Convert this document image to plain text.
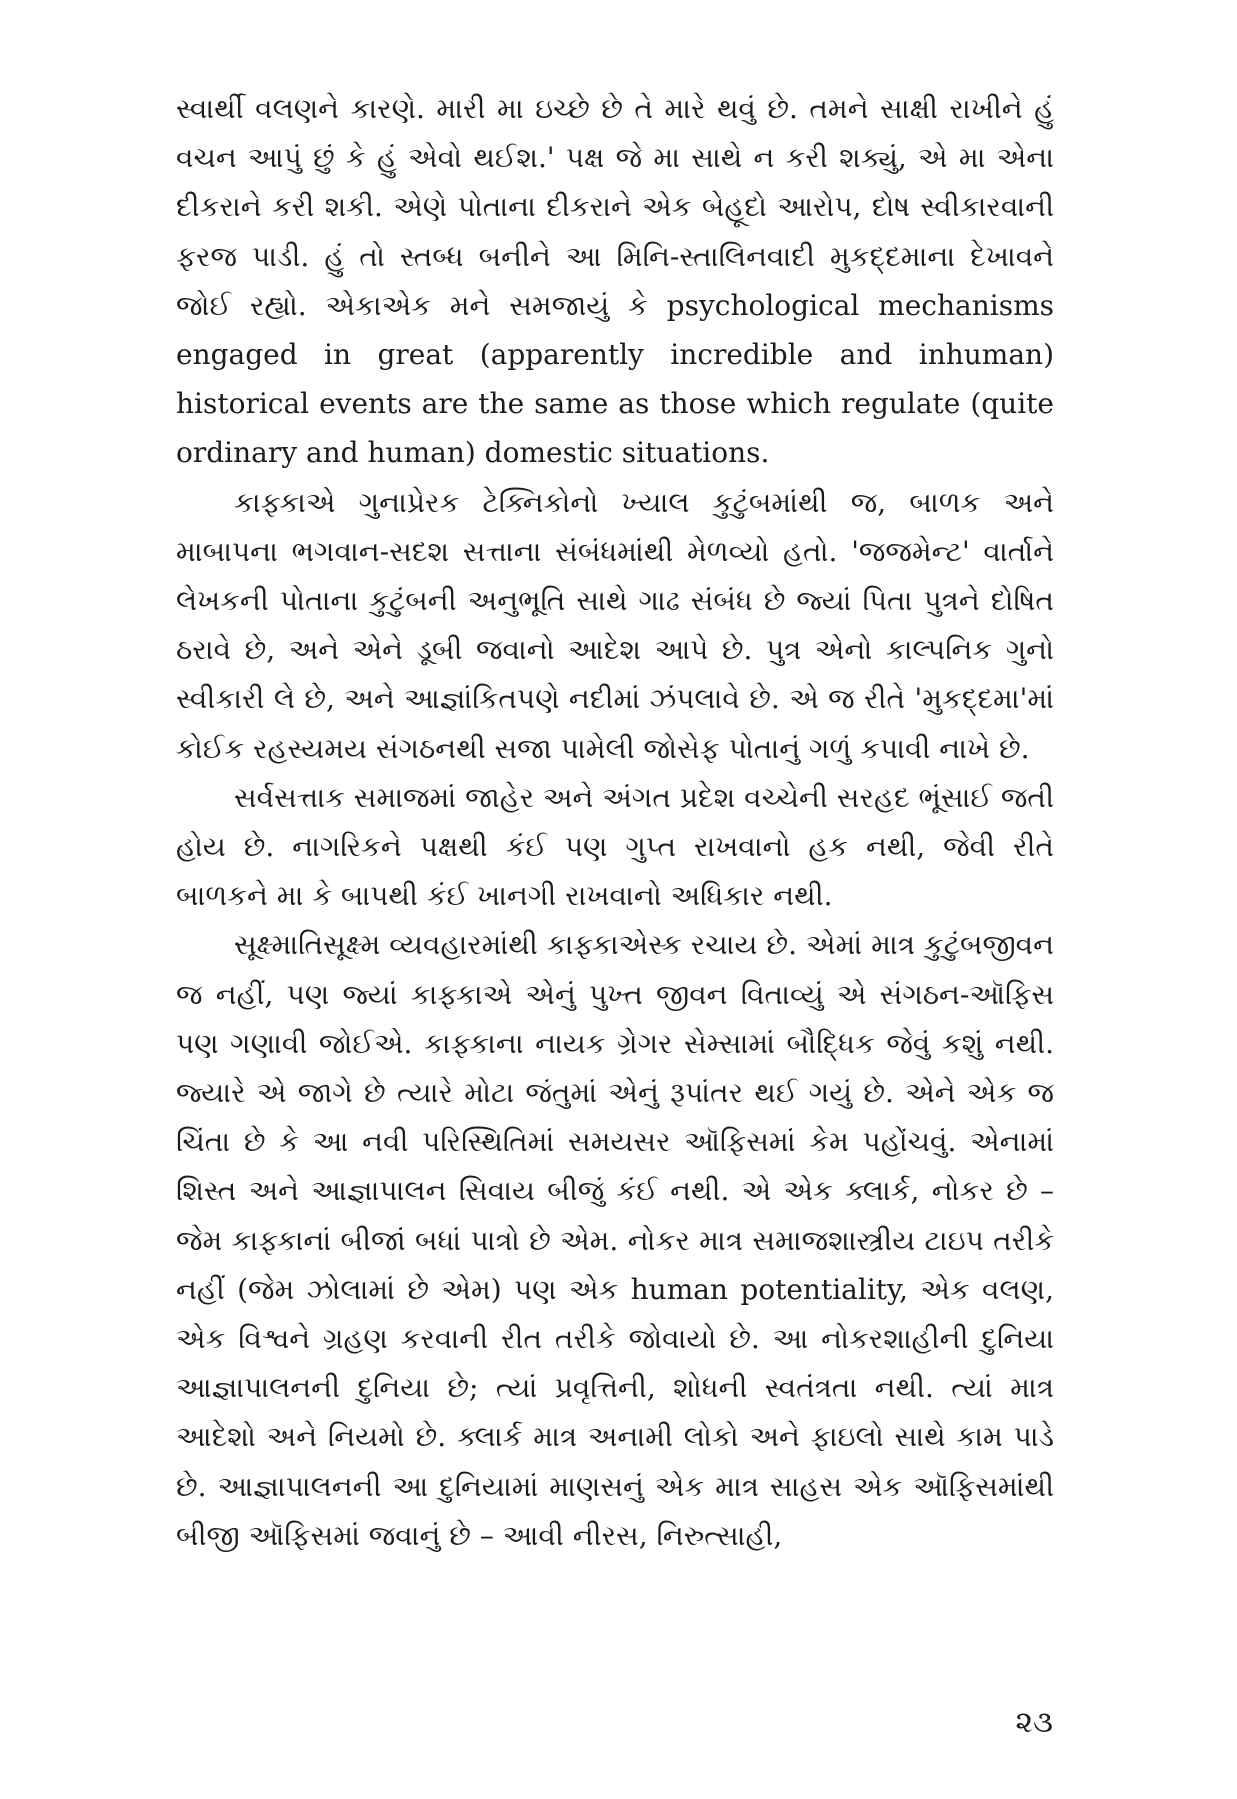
સ્વાર્થી વલણને કારણે. મારી મા ઇચ્છે છે તે મારે થવું છે. તમને સાક્ષી રાખીને હું વચન આપું છું કે હું એવો થઈશ.' પક્ષ જે મા સાથે ન કરી શક્યું, એ મા એના દીકરાને કરી શકી. એણે પોતાના દીકરાને એક બેહૂદો આરોપ, દોષ સ્વીકારવાની ફરજ પાડી. હું તો સ્તબ્ધ બનીને આ મિનિ-સ્તાલિનવાદી મુકદ્દમાના દેખાવને જોઈ રહ્યો. એકાએક મને સમજાયું કે psychological mechanisms engaged in great (apparently incredible and inhuman) historical events are the same as those which regulate (quite ordinary and human) domestic situations.

કાફ્કાએ ગુનાપ્રેરક ટેક્નિકોનો ખ્યાલ કુટુંબમાંથી જ, બાળક અને માબાપના ભગવાન-સદશ સત્તાના સંબંધમાંથી મેળવ્યો હતો. 'જજમેન્ટ' વાર્તાને લેખકની પોતાના કુટુંબની અનુભૂતિ સાથે ગાઢ સંબંધ છે જ્યાં પિતા પુત્રને દોષિત ઠરાવે છે, અને એને ડૂબી જવાનો આદેશ આપે છે. પુત્ર એનો કાલ્પનિક ગુનો સ્વીકારી લે છે, અને આજ્ઞાંકિતપણે નદીમાં ઝંપલાવે છે. એ જ રીતે 'મુકદ્દમા'માં કોઈક રહસ્યમય સંગઠનથી સજા પામેલી જોસેફ પોતાનું ગળું કપાવી નાખે છે.

સર્વસત્તાક સમાજમાં જાહેર અને અંગત પ્રદેશ વચ્ચેની સરહદ ભૂંસાઈ જતી હોય છે. નાગરિકને પક્ષથી કંઈ પણ ગુપ્ત રાખવાનો હક નથી, જેવી રીતે બાળકને મા કે બાપથી કંઈ ખાનગી રાખવાનો અધિકાર નથી.

સૂક્ષ્માતિસૂક્ષ્મ વ્યવહારમાંથી કાફ્કાએસ્ક રચાય છે. એમાં માત્ર કુટુંબજીવન જ નહીં, પણ જ્યાં કાફ્કાએ એનું પુખ્ત જીવન વિતાવ્યું એ સંગઠન-ઑફિસ પણ ગણાવી જોઈએ. કાફ્કાના નાયક ગ્રેગર સેમ્સામાં બૌદ્ધિક જેવું કશું નથી. જ્યારે એ જાગે છે ત્યારે મોટા જંતુમાં એનું રૂપાંતર થઈ ગયું છે. એને એક જ ચિંતા છે કે આ નવી પરિસ્થિતિમાં સમયસર ઑફિસમાં કેમ પહોંચવું. એનામાં શિસ્ત અને આજ્ઞાપાલન સિવાય બીજું કંઈ નથી. એ એક ક્લાર્ક, નોકર છે – જેમ કાફ્કાનાં બીજાં બધાં પાત્રો છે એમ. નોકર માત્ર સમાજશાસ્ત્રીય ટાઇપ તરીકે નહીં (જેમ ઝોલામાં છે એમ) પણ એક human potentiality, એક વલણ, એક વિશ્વને ગ્રહણ કરવાની રીત તરીકે જોવાયો છે. આ નોકરશાહીની દુનિયા આજ્ઞાપાલનની દુનિયા છે; ત્યાં પ્રવૃત્તિની, શોધની સ્વતંત્રતા નથી. ત્યાં માત્ર આદેશો અને નિયમો છે. ક્લાર્ક માત્ર અનામી લોકો અને ફાઇલો સાથે કામ પાડે છે. આજ્ઞાપાલનની આ દુનિયામાં માણસનું એક માત્ર સાહસ એક ઑફિસમાંથી બીજી ઑફિસમાં જવાનું છે – આવી નીરસ, નિરુત્સાહી,

૨૩
